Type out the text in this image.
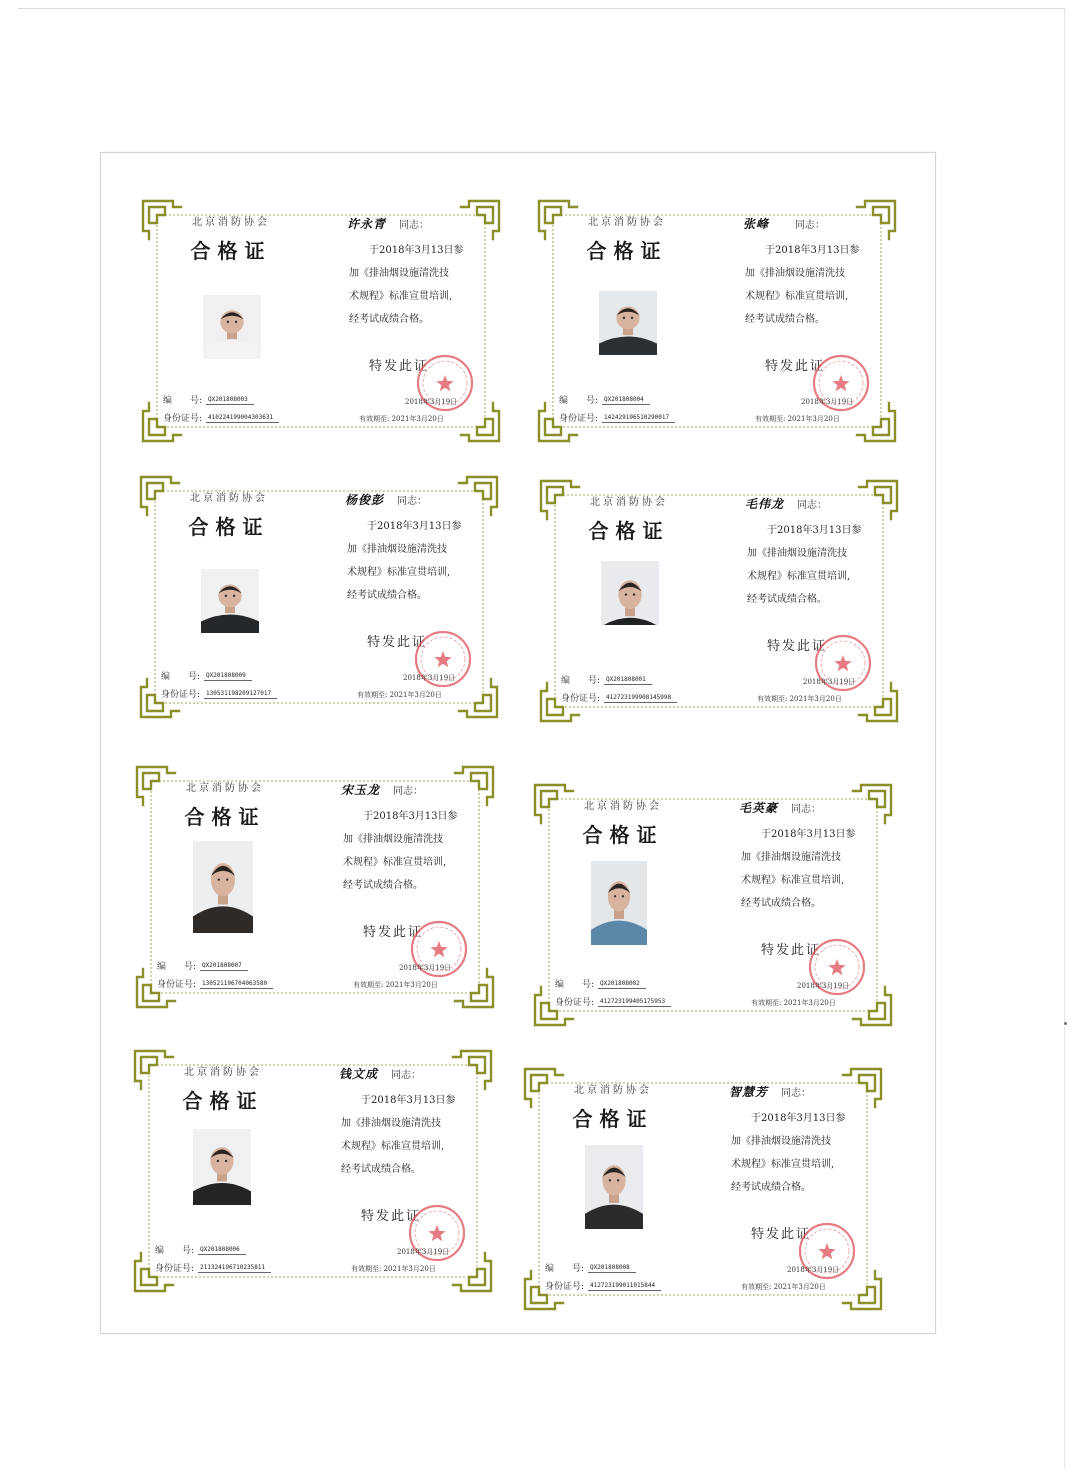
北京消防协会
合格证
许永青 同志：
于2018年3月13日参
加《排油烟设施清洗技
术规程》标准宣贯培训,
经考试成绩合格。
特发此证
2018年3月19日
编　　号: QX201808003
身份证号: 410224199004303631	有效期至: 2021年3月20日
北京消防协会
合格证
张峰	同志：
于2018年3月13日参
加《排油烟设施清洗技
术规程》标准宣贯培训,
经考试成绩合格。
特发此证
2018年3月19日
编　　号: QX201808004
身份证号: 142429196510290017	有效期至: 2021年3月20日
北京消防协会
合格证
杨俊彭 同志：
于2018年3月13日参
加《排油烟设施清洗技
术规程》标准宣贯培训,
经考试成绩合格。
特发此证
2018年3月19日
编　　号: QX201808009
身份证号: 130531198209127017	有效期至: 2021年3月20日
北京消防协会
合格证
毛伟龙 同志：
于2018年3月13日参
加《排油烟设施清洗技
术规程》标准宣贯培训,
经考试成绩合格。
特发此证
2018年3月19日
编　　号: QX201808001
身份证号: 412723199908145998	有效期至: 2021年3月20日
北京消防协会
合格证
宋玉龙 同志：
于2018年3月13日参
加《排油烟设施清洗技
术规程》标准宣贯培训,
经考试成绩合格。
特发此证
2018年3月19日
编　　号: QX201808007
身份证号: 130521196704063580	有效期至: 2021年3月20日
北京消防协会
合格证
毛英豪 同志：
于2018年3月13日参
加《排油烟设施清洗技
术规程》标准宣贯培训,
经考试成绩合格。
特发此证
2018年3月19日
编　　号: QX201808002
身份证号: 412723199405175953	有效期至: 2021年3月20日
北京消防协会
合格证
钱文成 同志：
于2018年3月13日参
加《排油烟设施清洗技
术规程》标准宣贯培训,
经考试成绩合格。
特发此证
2018年3月19日
编　　号: QX201808006
身份证号: 211324196710235811	有效期至: 2021年3月20日
北京消防协会
合格证
智慧芳 同志：
于2018年3月13日参
加《排油烟设施清洗技
术规程》标准宣贯培训,
经考试成绩合格。
特发此证
2018年3月19日
编　　号: QX201808008
身份证号: 412723199011015844	有效期至: 2021年3月20日
